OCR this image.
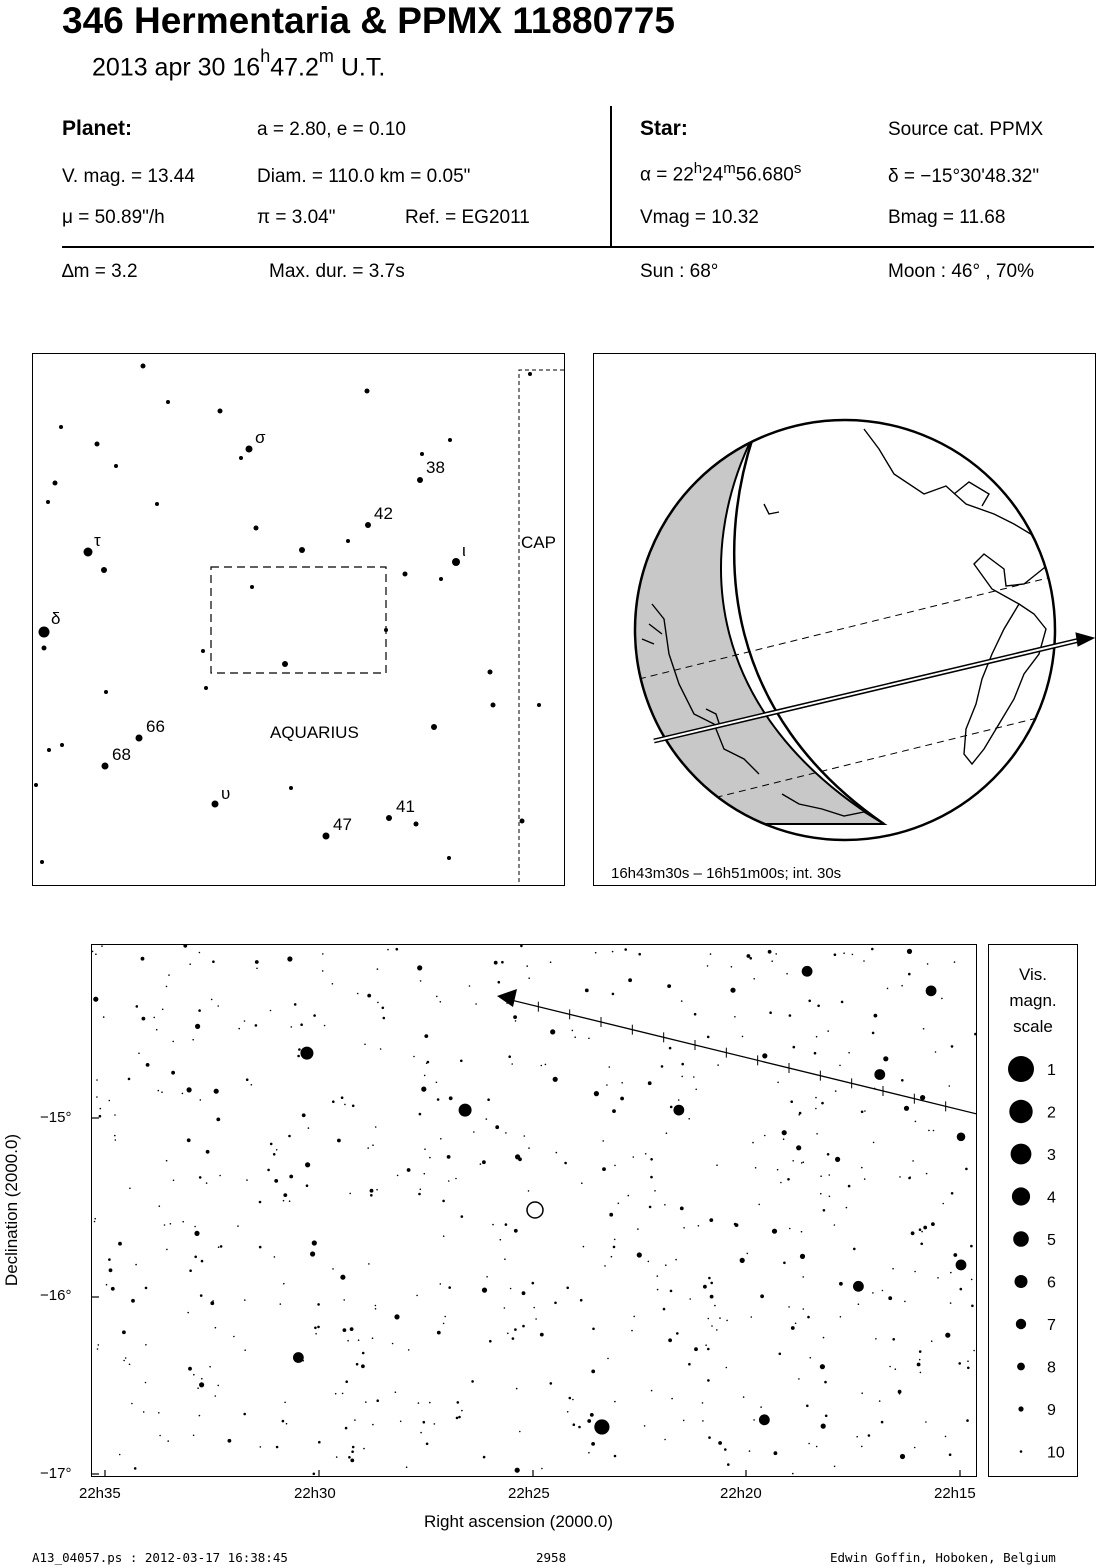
346 Hermentaria & PPMX 11880775
2013 apr 30 16$^h$47.2$^m$ U.T.
Planet:	a = 2.80, e = 0.10
V. mag. = 13.44	Diam. = 110.0 km = 0.05"
μ = 50.89"/h	π = 3.04"	Ref. = EG2011
Star:	Source cat. PPMX
$\alpha = 22^h24^m56.680^s$	δ = −15°30'48.32"
Vmag = 10.32	Bmag = 11.68
∆m = 3.2	Max. dur. = 3.7s	Sun : 68°	Moon : 46° , 70%
σ
38
42
τ
ι
δ
66
68
υ
41
47
AQUARIUS
CAP
16h43m30s – 16h51m00s; int. 30s
−15°
−16°
−17°
22h35	22h30	22h25	22h20	22h15
Right ascension (2000.0)
Declination (2000.0)
Vis.
magn.
scale
1
2
3
4
5
6
7
8
9
10
A13_04057.ps : 2012-03-17 16:38:45	2958	Edwin Goffin, Hoboken, Belgium
